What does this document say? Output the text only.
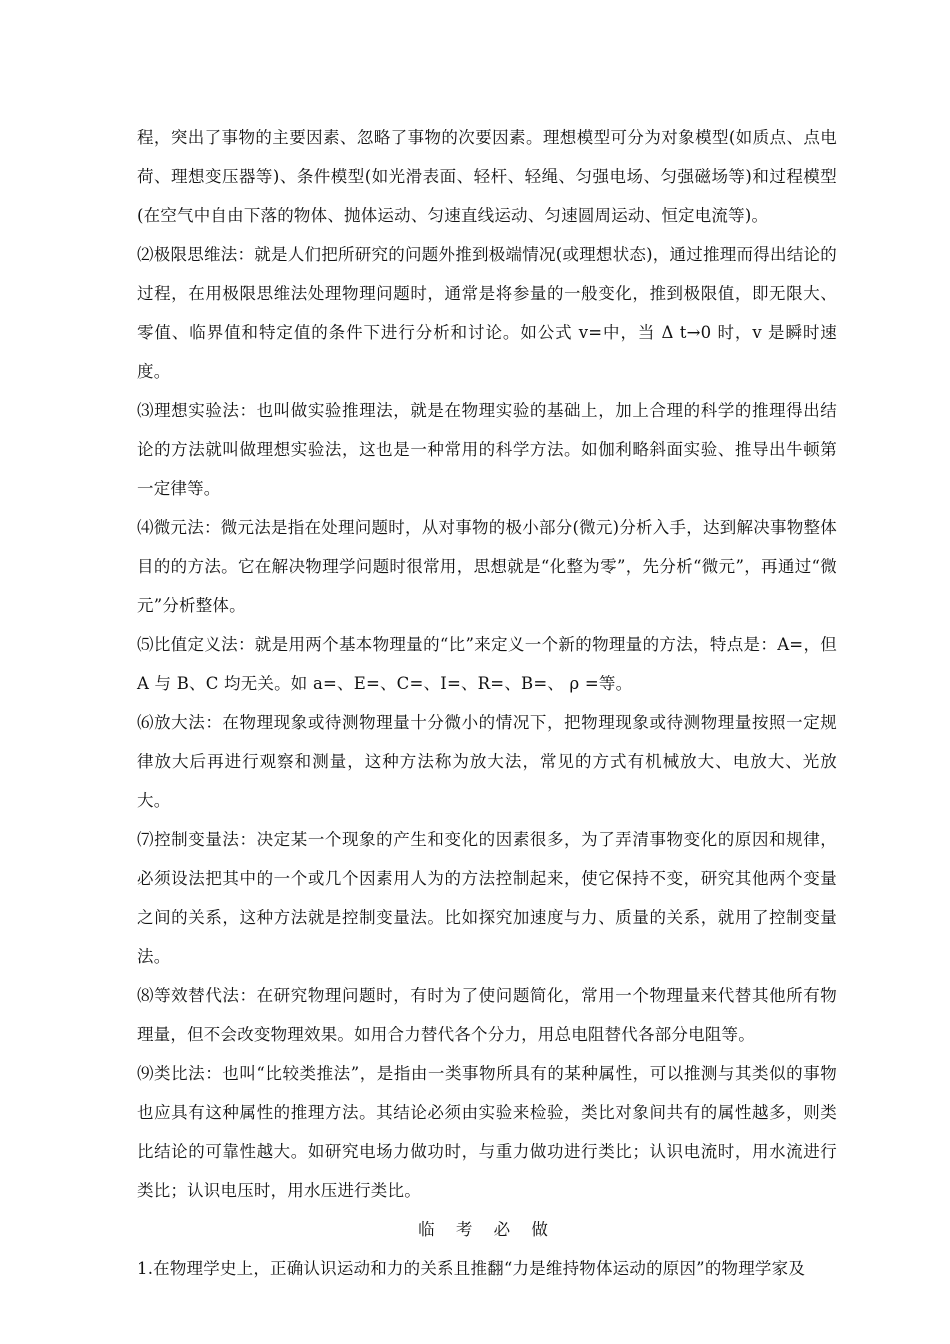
程，突出了事物的主要因素、忽略了事物的次要因素。理想模型可分为对象模型(如质点、点电荷、理想变压器等)、条件模型(如光滑表面、轻杆、轻绳、匀强电场、匀强磁场等)和过程模型(在空气中自由下落的物体、抛体运动、匀速直线运动、匀速圆周运动、恒定电流等)。

⑵极限思维法：就是人们把所研究的问题外推到极端情况(或理想状态)，通过推理而得出结论的过程，在用极限思维法处理物理问题时，通常是将参量的一般变化，推到极限值，即无限大、零值、临界值和特定值的条件下进行分析和讨论。如公式 v=中，当 Δ t→0 时，v 是瞬时速度。

⑶理想实验法：也叫做实验推理法，就是在物理实验的基础上，加上合理的科学的推理得出结论的方法就叫做理想实验法，这也是一种常用的科学方法。如伽利略斜面实验、推导出牛顿第一定律等。

⑷微元法：微元法是指在处理问题时，从对事物的极小部分(微元)分析入手，达到解决事物整体目的的方法。它在解决物理学问题时很常用，思想就是“化整为零”，先分析“微元”，再通过“微元”分析整体。

⑸比值定义法：就是用两个基本物理量的“比”来定义一个新的物理量的方法，特点是：A=，但 A 与 B、C 均无关。如 a=、E=、C=、I=、R=、B=、 ρ =等。

⑹放大法：在物理现象或待测物理量十分微小的情况下，把物理现象或待测物理量按照一定规律放大后再进行观察和测量，这种方法称为放大法，常见的方式有机械放大、电放大、光放大。

⑺控制变量法：决定某一个现象的产生和变化的因素很多，为了弄清事物变化的原因和规律，必须设法把其中的一个或几个因素用人为的方法控制起来，使它保持不变，研究其他两个变量之间的关系，这种方法就是控制变量法。比如探究加速度与力、质量的关系，就用了控制变量法。

⑻等效替代法：在研究物理问题时，有时为了使问题简化，常用一个物理量来代替其他所有物理量，但不会改变物理效果。如用合力替代各个分力，用总电阻替代各部分电阻等。

⑼类比法：也叫“比较类推法”，是指由一类事物所具有的某种属性，可以推测与其类似的事物也应具有这种属性的推理方法。其结论必须由实验来检验，类比对象间共有的属性越多，则类比结论的可靠性越大。如研究电场力做功时，与重力做功进行类比；认识电流时，用水流进行类比；认识电压时，用水压进行类比。

临 考 必 做

1.在物理学史上，正确认识运动和力的关系且推翻“力是维持物体运动的原因”的物理学家及
